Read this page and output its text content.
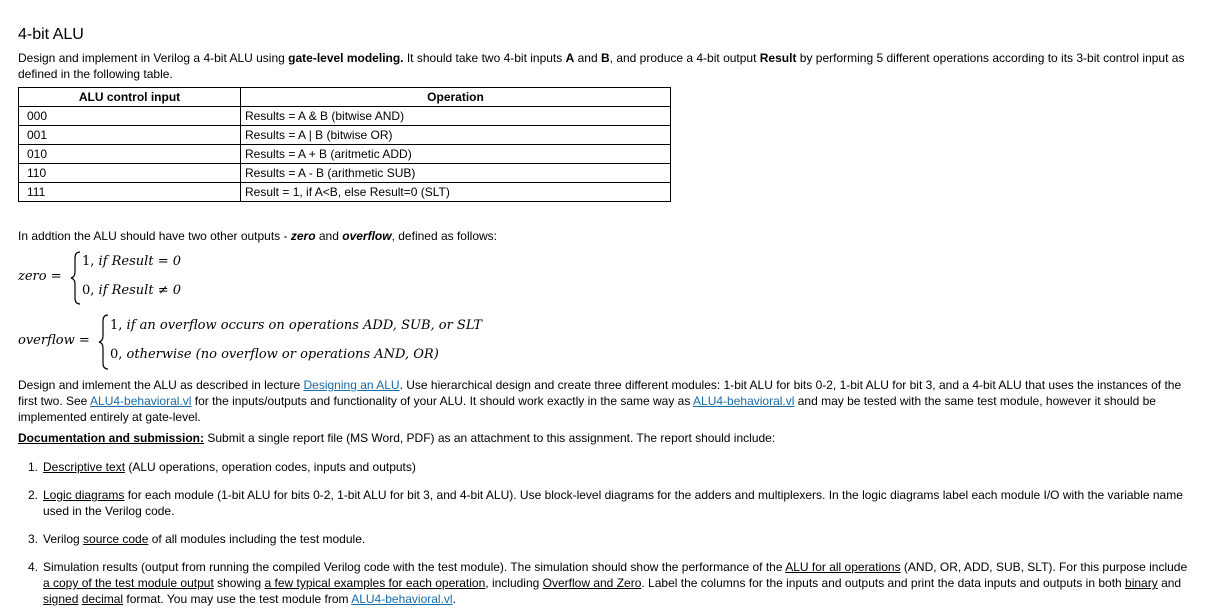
4-bit ALU

Design and implement in Verilog a 4-bit ALU using gate-level modeling. It should take two 4-bit inputs A and B, and produce a 4-bit output Result by performing 5 different operations according to its 3-bit control input as defined in the following table.

ALU control input	Operation
000	Results = A & B (bitwise AND)
001	Results = A | B (bitwise OR)
010	Results = A + B (aritmetic ADD)
110	Results = A - B (arithmetic SUB)
111	Result = 1, if A<B, else Result=0 (SLT)

In addtion the ALU should have two other outputs - zero and overflow, defined as follows:

zero =
1, if Result = 0
0, if Result ≠ 0
overflow =
1, if an overflow occurs on operations ADD, SUB, or SLT
0, otherwise (no overflow or operations AND, OR)

Design and imlement the ALU as described in lecture Designing an ALU. Use hierarchical design and create three different modules: 1-bit ALU for bits 0-2, 1-bit ALU for bit 3, and a 4-bit ALU that uses the instances of the first two. See ALU4-behavioral.vl for the inputs/outputs and functionality of your ALU. It should work exactly in the same way as ALU4-behavioral.vl and may be tested with the same test module, however it should be implemented entirely at gate-level.

Documentation and submission: Submit a single report file (MS Word, PDF) as an attachment to this assignment. The report should include:

1. Descriptive text (ALU operations, operation codes, inputs and outputs)
2. Logic diagrams for each module (1-bit ALU for bits 0-2, 1-bit ALU for bit 3, and 4-bit ALU). Use block-level diagrams for the adders and multiplexers. In the logic diagrams label each module I/O with the variable name used in the Verilog code.
3. Verilog source code of all modules including the test module.
4. Simulation results (output from running the compiled Verilog code with the test module). The simulation should show the performance of the ALU for all operations (AND, OR, ADD, SUB, SLT). For this purpose include a copy of the test module output showing a few typical examples for each operation, including Overflow and Zero. Label the columns for the inputs and outputs and print the data inputs and outputs in both binary and signed decimal format. You may use the test module from ALU4-behavioral.vl.
